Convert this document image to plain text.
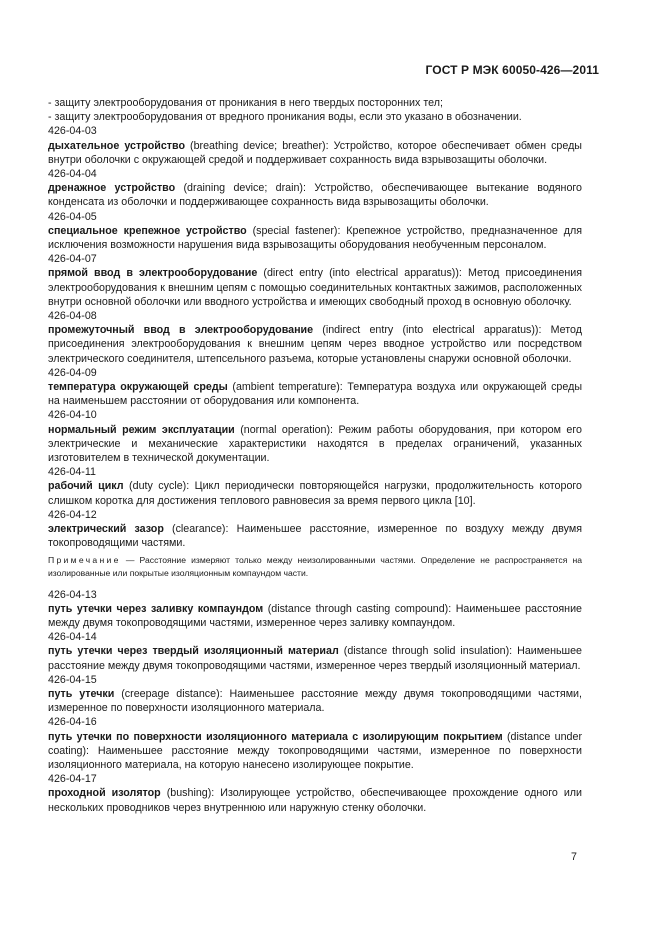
ГОСТ Р МЭК 60050-426—2011

- защиту электрооборудования от проникания в него твердых посторонних тел;

- защиту электрооборудования от вредного проникания воды, если это указано в обозначении.

426-04-03

дыхательное устройство (breathing device; breather): Устройство, которое обеспечивает обмен среды внутри оболочки с окружающей средой и поддерживает сохранность вида взрывозащиты оболочки.

426-04-04

дренажное устройство (draining device; drain): Устройство, обеспечивающее вытекание водяного конденсата из оболочки и поддерживающее сохранность вида взрывозащиты оболочки.

426-04-05

специальное крепежное устройство (special fastener): Крепежное устройство, предназначенное для исключения возможности нарушения вида взрывозащиты оборудования необученным персоналом.

426-04-07

прямой ввод в электрооборудование (direct entry (into electrical apparatus)): Метод присоединения электрооборудования к внешним цепям с помощью соединительных контактных зажимов, расположенных внутри основной оболочки или вводного устройства и имеющих свободный проход в основную оболочку.

426-04-08

промежуточный ввод в электрооборудование (indirect entry (into electrical apparatus)): Метод присоединения электрооборудования к внешним цепям через вводное устройство или посредством электрического соединителя, штепсельного разъема, которые установлены снаружи основной оболочки.

426-04-09

температура окружающей среды (ambient temperature): Температура воздуха или окружающей среды на наименьшем расстоянии от оборудования или компонента.

426-04-10

нормальный режим эксплуатации (normal operation): Режим работы оборудования, при котором его электрические и механические характеристики находятся в пределах ограничений, указанных изготовителем в технической документации.

426-04-11

рабочий цикл (duty cycle): Цикл периодически повторяющейся нагрузки, продолжительность которого слишком коротка для достижения теплового равновесия за время первого цикла [10].

426-04-12

электрический зазор (clearance): Наименьшее расстояние, измеренное по воздуху между двумя токопроводящими частями.

Примечание — Расстояние измеряют только между неизолированными частями. Определение не распространяется на изолированные или покрытые изоляционным компаундом части.

426-04-13

путь утечки через заливку компаундом (distance through casting compound): Наименьшее расстояние между двумя токопроводящими частями, измеренное через заливку компаундом.

426-04-14

путь утечки через твердый изоляционный материал (distance through solid insulation): Наименьшее расстояние между двумя токопроводящими частями, измеренное через твердый изоляционный материал.

426-04-15

путь утечки (creepage distance): Наименьшее расстояние между двумя токопроводящими частями, измеренное по поверхности изоляционного материала.

426-04-16

путь утечки по поверхности изоляционного материала с изолирующим покрытием (distance under coating): Наименьшее расстояние между токопроводящими частями, измеренное по поверхности изоляционного материала, на которую нанесено изолирующее покрытие.

426-04-17

проходной изолятор (bushing): Изолирующее устройство, обеспечивающее прохождение одного или нескольких проводников через внутреннюю или наружную стенку оболочки.

7
